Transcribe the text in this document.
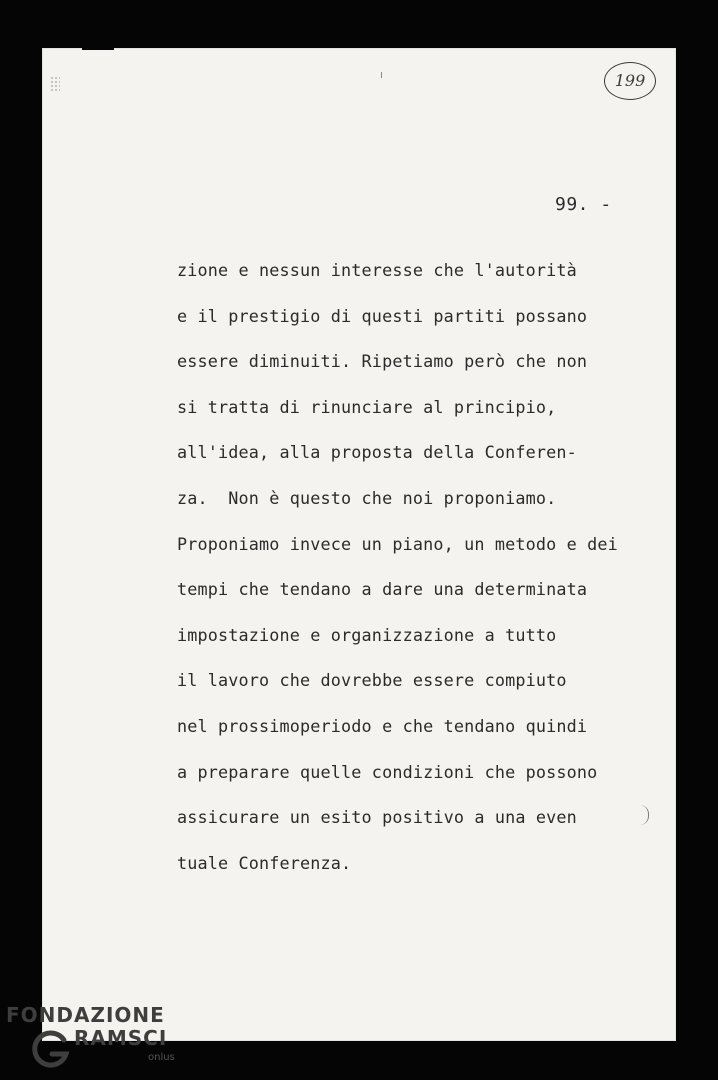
199
99. -
zione e nessun interesse che l'autorità
e il prestigio di questi partiti possano
essere diminuiti. Ripetiamo però che non
si tratta di rinunciare al principio,
all'idea, alla proposta della Conferen-
za.  Non è questo che noi proponiamo.
Proponiamo invece un piano, un metodo e dei
tempi che tendano a dare una determinata
impostazione e organizzazione a tutto
il lavoro che dovrebbe essere compiuto
nel prossimoperiodo e che tendano quindi
a preparare quelle condizioni che possono
assicurare un esito positivo a una even
tuale Conferenza.
FONDAZIONE
RAMSCI
onlus
